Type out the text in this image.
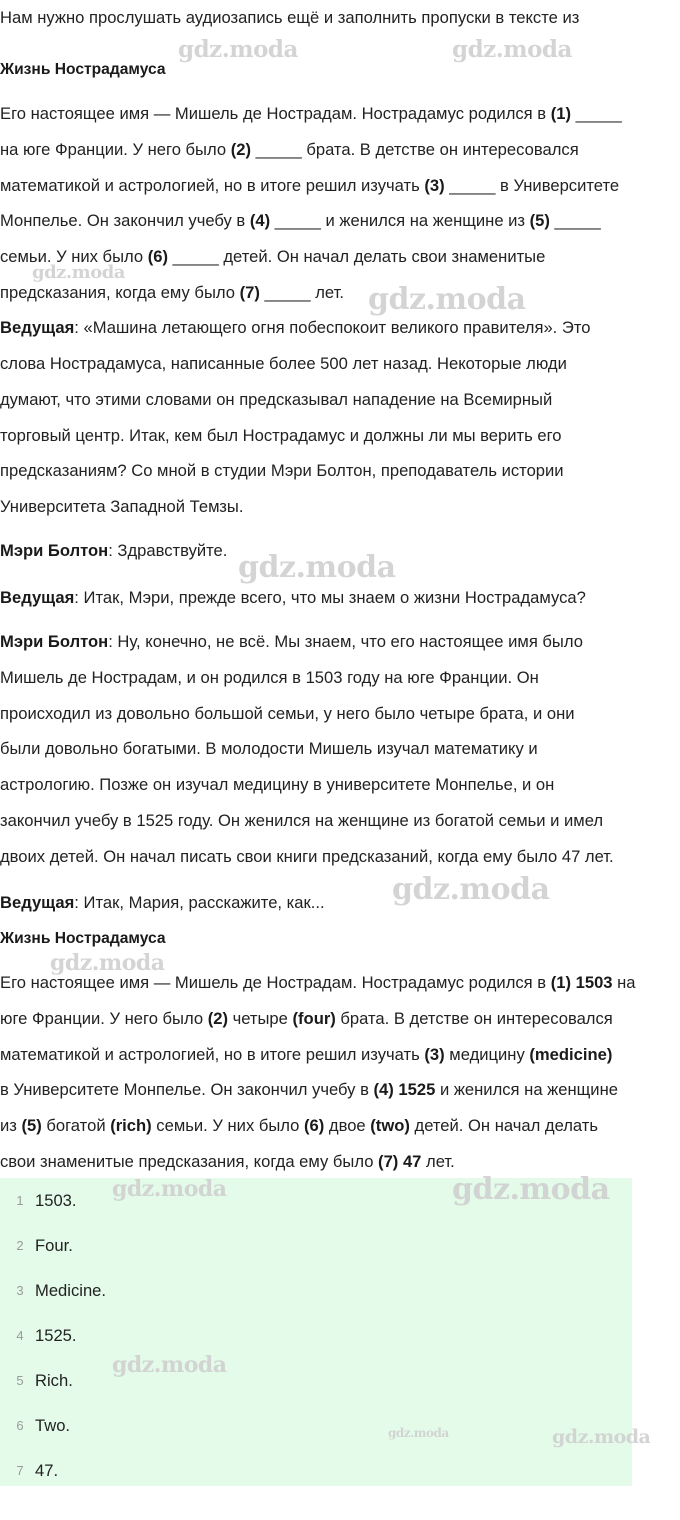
Нам нужно прослушать аудиозапись ещё и заполнить пропуски в тексте из
Жизнь Нострадамуса
Его настоящее имя — Мишель де Нострадам. Нострадамус родился в (1) _____
на юге Франции. У него было (2) _____ брата. В детстве он интересовался
математикой и астрологией, но в итоге решил изучать (3) _____ в Университете
Монпелье. Он закончил учебу в (4) _____ и женился на женщине из (5) _____
семьи. У них было (6) _____ детей. Он начал делать свои знаменитые
предсказания, когда ему было (7) _____ лет.
Ведущая: «Машина летающего огня побеспокоит великого правителя». Это
слова Нострадамуса, написанные более 500 лет назад. Некоторые люди
думают, что этими словами он предсказывал нападение на Всемирный
торговый центр. Итак, кем был Нострадамус и должны ли мы верить его
предсказаниям? Со мной в студии Мэри Болтон, преподаватель истории
Университета Западной Темзы.
Мэри Болтон: Здравствуйте.
Ведущая: Итак, Мэри, прежде всего, что мы знаем о жизни Нострадамуса?
Мэри Болтон: Ну, конечно, не всё. Мы знаем, что его настоящее имя было
Мишель де Нострадам, и он родился в 1503 году на юге Франции. Он
происходил из довольно большой семьи, у него было четыре брата, и они
были довольно богатыми. В молодости Мишель изучал математику и
астрологию. Позже он изучал медицину в университете Монпелье, и он
закончил учебу в 1525 году. Он женился на женщине из богатой семьи и имел
двоих детей. Он начал писать свои книги предсказаний, когда ему было 47 лет.
Ведущая: Итак, Мария, расскажите, как...
Жизнь Нострадамуса
Его настоящее имя — Мишель де Нострадам. Нострадамус родился в (1) 1503 на
юге Франции. У него было (2) четыре (four) брата. В детстве он интересовался
математикой и астрологией, но в итоге решил изучать (3) медицину (medicine)
в Университете Монпелье. Он закончил учебу в (4) 1525 и женился на женщине
из (5) богатой (rich) семьи. У них было (6) двое (two) детей. Он начал делать
свои знаменитые предсказания, когда ему было (7) 47 лет.
1 1503.
2 Four.
3 Medicine.
4 1525.
5 Rich.
6 Two.
7 47.
gdz.moda	gdz.moda
gdz.moda
gdz.moda
gdz.moda
gdz.moda
gdz.moda
gdz.moda	gdz.moda
gdz.moda
gdz.moda	gdz.moda
